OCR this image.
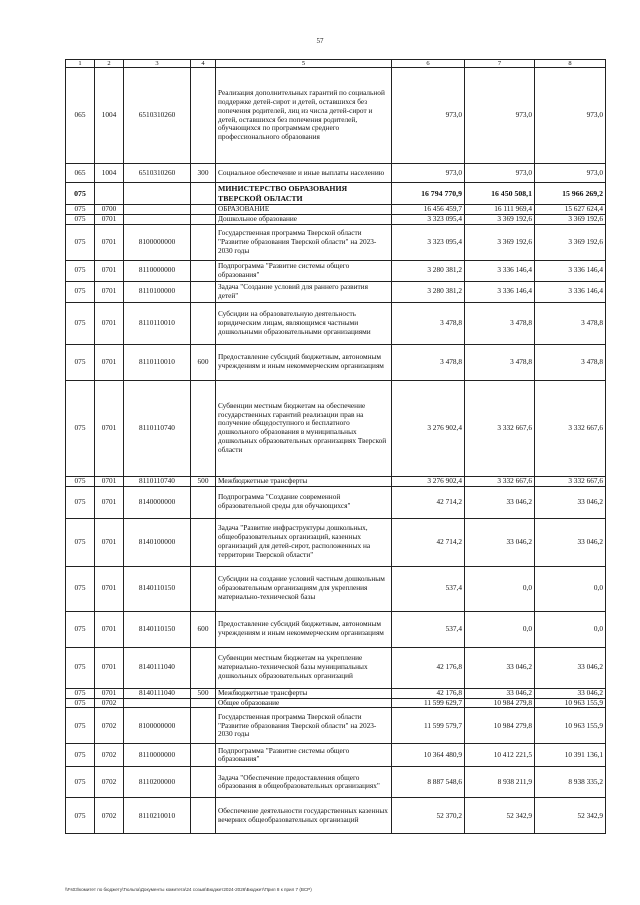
57
1	2	3	4	5	6	7	8
065	1004	6510310260		Реализация дополнительных гарантий по социальной поддержке детей-сирот и детей, оставшихся без попечения родителей, лиц из числа детей-сирот и детей, оставшихся без попечения родителей, обучающихся по программам среднего профессионального образования	973,0	973,0	973,0
065	1004	6510310260	300	Социальное обеспечение и иные выплаты населению	973,0	973,0	973,0
075				МИНИСТЕРСТВО ОБРАЗОВАНИЯ ТВЕРСКОЙ ОБЛАСТИ	16 794 770,9	16 450 508,1	15 966 269,2
075	0700			ОБРАЗОВАНИЕ	16 456 459,7	16 111 969,4	15 627 624,4
075	0701			Дошкольное образование	3 323 095,4	3 369 192,6	3 369 192,6
075	0701	8100000000		Государственная программа Тверской области "Развитие образования Тверской области" на 2023-2030 годы	3 323 095,4	3 369 192,6	3 369 192,6
075	0701	8110000000		Подпрограмма "Развитие системы общего образования"	3 280 381,2	3 336 146,4	3 336 146,4
075	0701	8110100000		Задача "Создание условий для раннего развития детей"	3 280 381,2	3 336 146,4	3 336 146,4
075	0701	8110110010		Субсидии на образовательную деятельность юридическим лицам, являющимся частными дошкольными образовательными организациями	3 478,8	3 478,8	3 478,8
075	0701	8110110010	600	Предоставление субсидий бюджетным, автономным учреждениям и иным некоммерческим организациям	3 478,8	3 478,8	3 478,8
075	0701	8110110740		Субвенции местным бюджетам на обеспечение государственных гарантий реализации прав на получение общедоступного и бесплатного дошкольного образования в муниципальных дошкольных образовательных организациях Тверской области	3 276 902,4	3 332 667,6	3 332 667,6
075	0701	8110110740	500	Межбюджетные трансферты	3 276 902,4	3 332 667,6	3 332 667,6
075	0701	8140000000		Подпрограмма "Создание современной образовательной среды для обучающихся"	42 714,2	33 046,2	33 046,2
075	0701	8140100000		Задача "Развитие инфраструктуры дошкольных, общеобразовательных организаций, казенных организаций для детей-сирот, расположенных на территории Тверской области"	42 714,2	33 046,2	33 046,2
075	0701	8140110150		Субсидии на создание условий частным дошкольным образовательным организациям для укрепления материально-технической базы	537,4	0,0	0,0
075	0701	8140110150	600	Предоставление субсидий бюджетным, автономным учреждениям и иным некоммерческим организациям	537,4	0,0	0,0
075	0701	8140111040		Субвенции местным бюджетам на укрепление материально-технической базы муниципальных дошкольных образовательных организаций	42 176,8	33 046,2	33 046,2
075	0701	8140111040	500	Межбюджетные трансферты	42 176,8	33 046,2	33 046,2
075	0702			Общее образование	11 599 629,7	10 984 279,8	10 963 155,9
075	0702	8100000000		Государственная программа Тверской области "Развитие образования Тверской области" на 2023-2030 годы	11 599 579,7	10 984 279,8	10 963 155,9
075	0702	8110000000		Подпрограмма "Развитие системы общего образования"	10 364 480,9	10 412 221,5	10 391 136,1
075	0702	8110200000		Задача "Обеспечение предоставления общего образования в общеобразовательных организациях"	8 887 548,6	8 938 211,9	8 938 335,2
075	0702	8110210010		Обеспечение деятельности государственных казенных вечерних общеобразовательных организаций	52 370,2	52 342,9	52 342,9
\\Fs03\комитет по бюджету\Тюльпа\Документы комитета\24 созыв\Бюджет2024-2026\Бюджет\Прил 8 к прил 7 (ВСР)
